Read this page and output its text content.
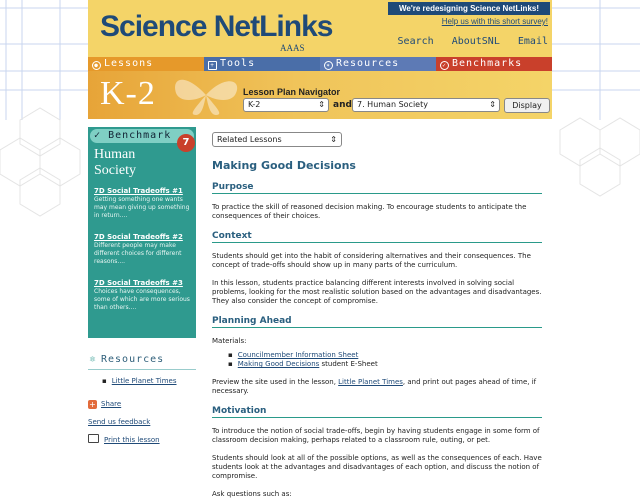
Science NetLinks
AAAS
We're redesigning Science NetLinks!
Help us with this short survey!
Search AboutSNL Email
● Lessons	+ Tools	✶ Resources	✓ Benchmarks
K-2	Lesson Plan Navigator
K-2	⇕ and 7. Human Society	⇕	Display
✓ Benchmark
7
Human
Society
7D Social Tradeoffs #1
Getting something one wants may mean giving up something in return....
7D Social Tradeoffs #2
Different people may make different choices for different reasons....
7D Social Tradeoffs #3
Choices have consequences, some of which are more serious than others....
⚛ Resources
▪ Little Planet Times
+ Share
Send us feedback
Print this lesson
Related Lessons	⇕
Making Good Decisions
Purpose
To practice the skill of reasoned decision making. To encourage students to anticipate the consequences of their choices.
Context
Students should get into the habit of considering alternatives and their consequences. The concept of trade-offs should show up in many parts of the curriculum.
In this lesson, students practice balancing different interests involved in solving social problems, looking for the most realistic solution based on the advantages and disadvantages. They also consider the concept of compromise.
Planning Ahead
Materials:
▪ Councilmember Information Sheet
▪ Making Good Decisions student E-Sheet
Preview the site used in the lesson, Little Planet Times, and print out pages ahead of time, if necessary.
Motivation
To introduce the notion of social trade-offs, begin by having students engage in some form of classroom decision making, perhaps related to a classroom rule, outing, or pet.
Students should look at all of the possible options, as well as the consequences of each. Have students look at the advantages and disadvantages of each option, and discuss the notion of compromise.
Ask questions such as:
